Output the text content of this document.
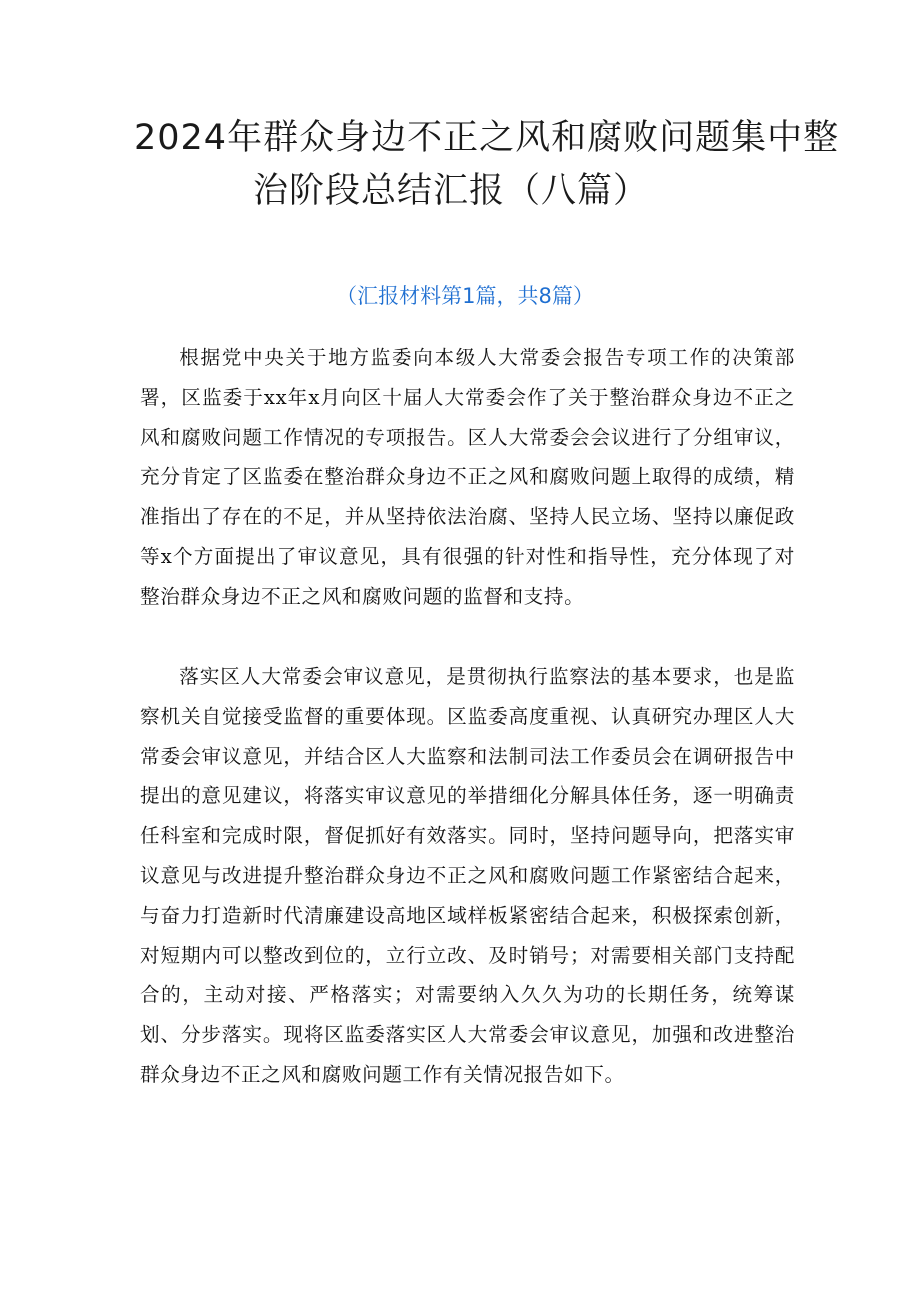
2024年群众身边不正之风和腐败问题集中整
治阶段总结汇报（八篇）
（汇报材料第1篇，共8篇）

根据党中央关于地方监委向本级人大常委会报告专项工作的决策部署，区监委于xx年x月向区十届人大常委会作了关于整治群众身边不正之风和腐败问题工作情况的专项报告。区人大常委会会议进行了分组审议，充分肯定了区监委在整治群众身边不正之风和腐败问题上取得的成绩，精准指出了存在的不足，并从坚持依法治腐、坚持人民立场、坚持以廉促政等x个方面提出了审议意见，具有很强的针对性和指导性，充分体现了对整治群众身边不正之风和腐败问题的监督和支持。

落实区人大常委会审议意见，是贯彻执行监察法的基本要求，也是监察机关自觉接受监督的重要体现。区监委高度重视、认真研究办理区人大常委会审议意见，并结合区人大监察和法制司法工作委员会在调研报告中提出的意见建议，将落实审议意见的举措细化分解具体任务，逐一明确责任科室和完成时限，督促抓好有效落实。同时，坚持问题导向，把落实审议意见与改进提升整治群众身边不正之风和腐败问题工作紧密结合起来，与奋力打造新时代清廉建设高地区域样板紧密结合起来，积极探索创新，对短期内可以整改到位的，立行立改、及时销号；对需要相关部门支持配合的，主动对接、严格落实；对需要纳入久久为功的长期任务，统筹谋划、分步落实。现将区监委落实区人大常委会审议意见，加强和改进整治群众身边不正之风和腐败问题工作有关情况报告如下。
